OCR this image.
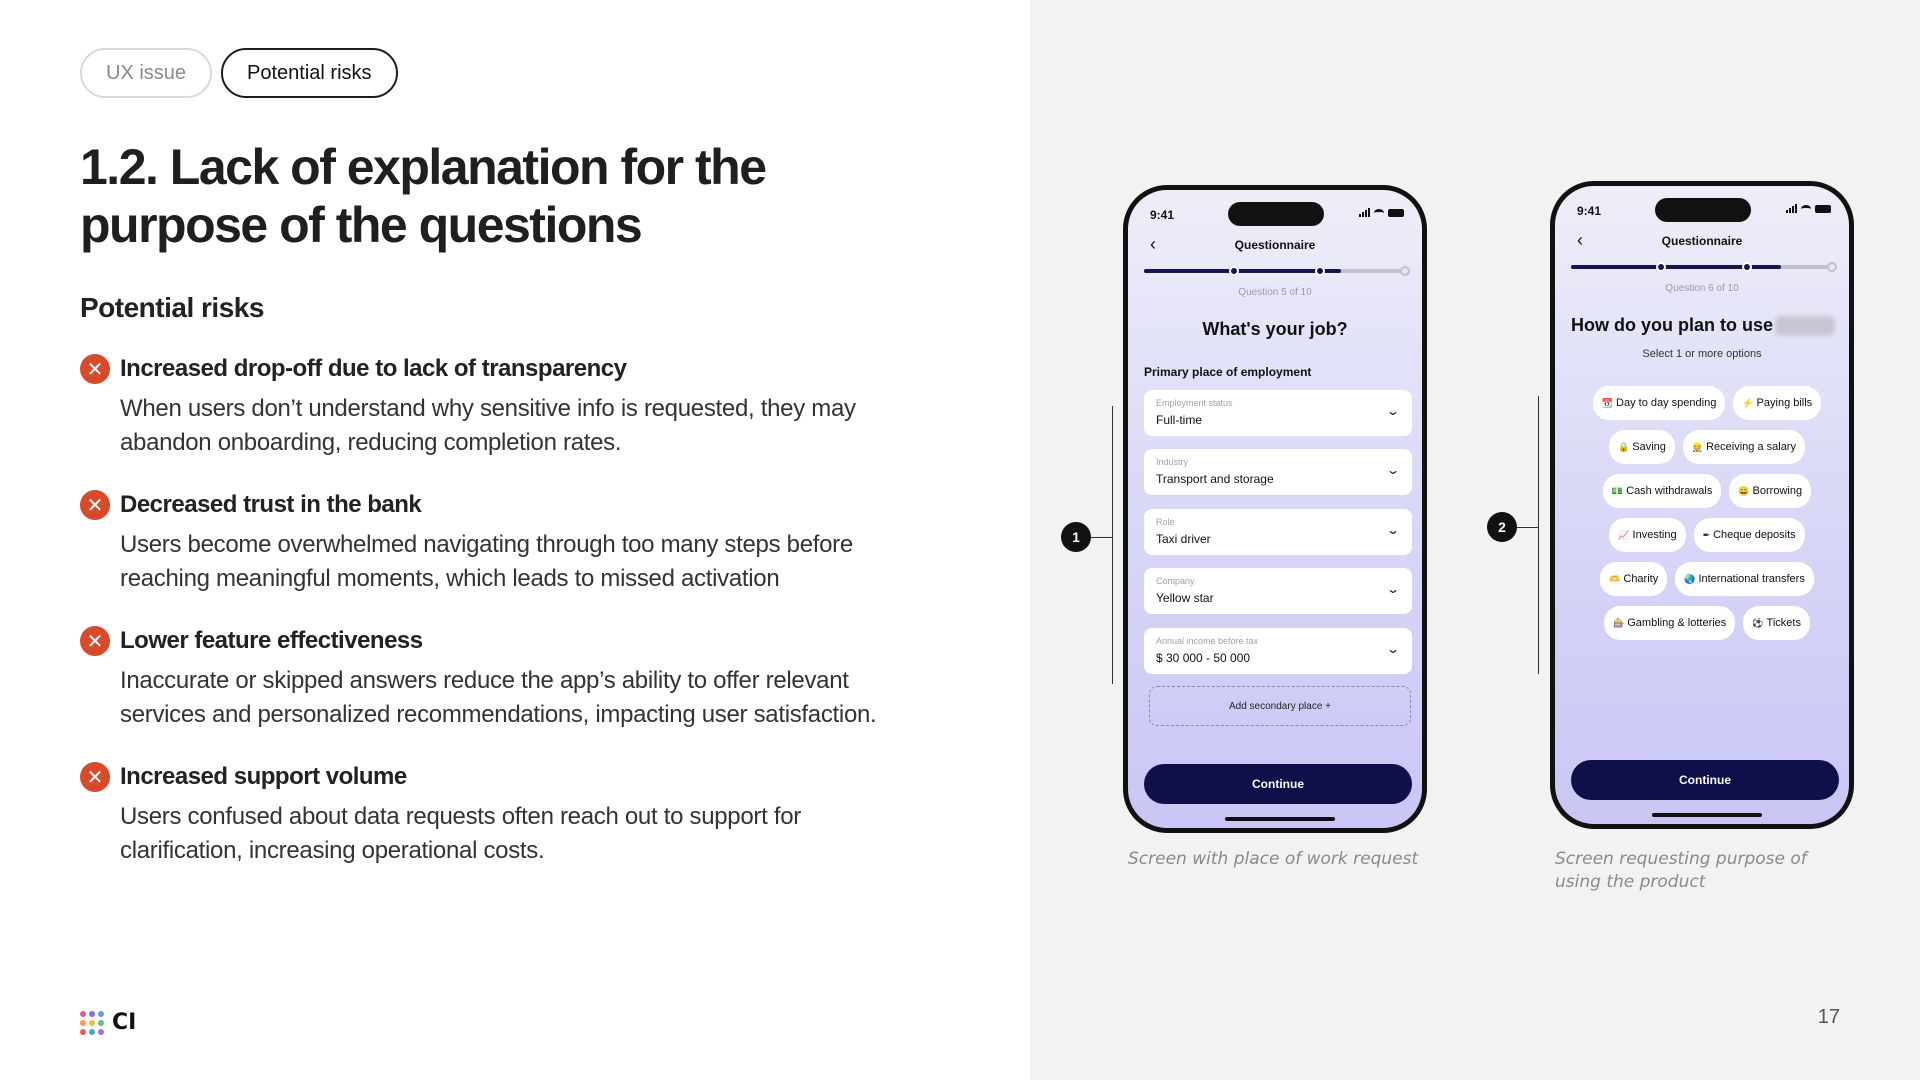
UX issue	Potential risks
1.2. Lack of explanation for the purpose of the questions
Potential risks
✕ Increased drop-off due to lack of transparency
When users don’t understand why sensitive info is requested, they may abandon onboarding, reducing completion rates.
✕ Decreased trust in the bank
Users become overwhelmed navigating through too many steps before reaching meaningful moments, which leads to missed activation
✕ Lower feature effectiveness
Inaccurate or skipped answers reduce the app’s ability to offer relevant services and personalized recommendations, impacting user satisfaction.
✕ Increased support volume
Users confused about data requests often reach out to support for clarification, increasing operational costs.
CI
1
2
9:41
‹	Questionnaire
Question 5 of 10
What's your job?
Primary place of employment
Employment status
Full-time
⌄
Industry
Transport and storage
⌄
Role
Taxi driver
⌄
Company
Yellow star
⌄
Annual income before tax
$ 30 000 - 50 000
⌄
Add secondary place +
Continue
9:41
‹	Questionnaire
Question 6 of 10
How do you plan to use
Select 1 or more options
📆 Day to day spending	⚡ Paying bills
🔒 Saving	👷 Receiving a salary
💵 Cash withdrawals	😀 Borrowing
📈 Investing	✒ Cheque deposits
🫶 Charity	🌏 International transfers
🎰 Gambling & lotteries	⚽ Tickets
Continue
Screen with place of work request	Screen requesting purpose of using the product
17
